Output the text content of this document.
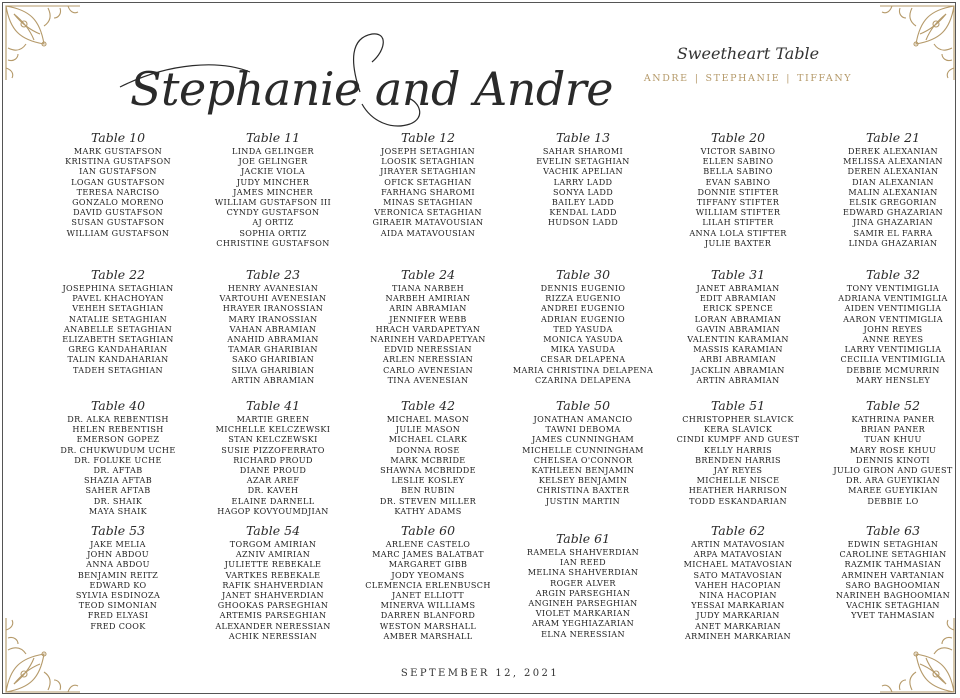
Stephanie and Andre
Sweetheart Table
ANDRE | STEPHANIE | TIFFANY
Table 10
MARK GUSTAFSON
KRISTINA GUSTAFSON
IAN GUSTAFSON
LOGAN GUSTAFSON
TERESA NARCISO
GONZALO MORENO
DAVID GUSTAFSON
SUSAN GUSTAFSON
WILLIAM GUSTAFSON
Table 11
LINDA GELINGER
JOE GELINGER
JACKIE VIOLA
JUDY MINCHER
JAMES MINCHER
WILLIAM GUSTAFSON III
CYNDY GUSTAFSON
AJ ORTIZ
SOPHIA ORTIZ
CHRISTINE GUSTAFSON
Table 12
JOSEPH SETAGHIAN
LOOSIK SETAGHIAN
JIRAYER SETAGHIAN
OFICK SETAGHIAN
FARHANG SHAROMI
MINAS SETAGHIAN
VERONICA SETAGHIAN
GIRAEIR MATAVOUSIAN
AIDA MATAVOUSIAN
Table 13
SAHAR SHAROMI
EVELIN SETAGHIAN
VACHIK APELIAN
LARRY LADD
SONYA LADD
BAILEY LADD
KENDAL LADD
HUDSON LADD
Table 20
VICTOR SABINO
ELLEN SABINO
BELLA SABINO
EVAN SABINO
DONNIE STIFTER
TIFFANY STIFTER
WILLIAM STIFTER
LILAH STIFTER
ANNA LOLA STIFTER
JULIE BAXTER
Table 21
DEREK ALEXANIAN
MELISSA ALEXANIAN
DEREN ALEXANIAN
DIAN ALEXANIAN
MALIN ALEXANIAN
ELSIK GREGORIAN
EDWARD GHAZARIAN
JINA GHAZARIAN
SAMIR EL FARRA
LINDA GHAZARIAN
Table 22
JOSEPHINA SETAGHIAN
PAVEL KHACHOYAN
VEHEH SETAGHIAN
NATALIE SETAGHIAN
ANABELLE SETAGHIAN
ELIZABETH SETAGHIAN
GREG KANDAHARIAN
TALIN KANDAHARIAN
TADEH SETAGHIAN
Table 23
HENRY AVANESIAN
VARTOUHI AVENESIAN
HRAYER IRANOSSIAN
MARY IRANOSSIAN
VAHAN ABRAMIAN
ANAHID ABRAMIAN
TAMAR GHARIBIAN
SAKO GHARIBIAN
SILVA GHARIBIAN
ARTIN ABRAMIAN
Table 24
TIANA NARBEH
NARBEH AMIRIAN
ARIN ABRAMIAN
JENNIFER WEBB
HRACH VARDAPETYAN
NARINEH VARDAPETYAN
EDVID NERESSIAN
ARLEN NERESSIAN
CARLO AVENESIAN
TINA AVENESIAN
Table 30
DENNIS EUGENIO
RIZZA EUGENIO
ANDREI EUGENIO
ADRIAN EUGENIO
TED YASUDA
MONICA YASUDA
MIKA YASUDA
CESAR DELAPENA
MARIA CHRISTINA DELAPENA
CZARINA DELAPENA
Table 31
JANET ABRAMIAN
EDIT ABRAMIAN
ERICK SPENCE
LORAN ABRAMIAN
GAVIN ABRAMIAN
VALENTIN KARAMIAN
MASSIS KARAMIAN
ARBI ABRAMIAN
JACKLIN ABRAMIAN
ARTIN ABRAMIAN
Table 32
TONY VENTIMIGLIA
ADRIANA VENTIMIGLIA
AIDEN VENTIMIGLIA
AARON VENTIMIGLIA
JOHN REYES
ANNE REYES
LARRY VENTIMIGLIA
CECILIA VENTIMIGLIA
DEBBIE MCMURRIN
MARY HENSLEY
Table 40
DR. ALKA REBENTISH
HELEN REBENTISH
EMERSON GOPEZ
DR. CHUKWUDUM UCHE
DR. FOLUKE UCHE
DR. AFTAB
SHAZIA AFTAB
SAHER AFTAB
DR. SHAIK
MAYA SHAIK
Table 41
MARTIE GREEN
MICHELLE KELCZEWSKI
STAN KELCZEWSKI
SUSIE PIZZOFERRATO
RICHARD PROUD
DIANE PROUD
AZAR AREF
DR. KAVEH
ELAINE DARNELL
HAGOP KOVYOUMDJIAN
Table 42
MICHAEL MASON
JULIE MASON
MICHAEL CLARK
DONNA ROSE
MARK MCBRIDE
SHAWNA MCBRIDDE
LESLIE KOSLEY
BEN RUBIN
DR. STEVEN MILLER
KATHY ADAMS
Table 50
JONATHAN AMANCIO
TAWNI DEBOMA
JAMES CUNNINGHAM
MICHELLE CUNNINGHAM
CHELSEA O'CONNOR
KATHLEEN BENJAMIN
KELSEY BENJAMIN
CHRISTINA BAXTER
JUSTIN MARTIN
Table 51
CHRISTOPHER SLAVICK
KERA SLAVICK
CINDI KUMPF AND GUEST
KELLY HARRIS
BRENDEN HARRIS
JAY REYES
MICHELLE NISCE
HEATHER HARRISON
TODD ESKANDARIAN
Table 52
KATHRINA PANER
BRIAN PANER
TUAN KHUU
MARY ROSE KHUU
DENNIS KINOTI
JULIO GIRON AND GUEST
DR. ARA GUEYIKIAN
MAREE GUEYIKIAN
DEBBIE LO
Table 53
JAKE MELIA
JOHN ABDOU
ANNA ABDOU
BENJAMIN REITZ
EDWARD KO
SYLVIA ESDINOZA
TEOD SIMONIAN
FRED ELYASI
FRED COOK
Table 54
TORGOM AMIRIAN
AZNIV AMIRIAN
JULIETTE REBEKALE
VARTKES REBEKALE
RAFIK SHAHVERDIAN
JANET SHAHVERDIAN
GHOOKAS PARSEGHIAN
ARTEMIS PARSEGHIAN
ALEXANDER NERESSIAN
ACHIK NERESSIAN
Table 60
ARLENE CASTELO
MARC JAMES BALATBAT
MARGARET GIBB
JODY YEOMANS
CLEMENCIA ERLENBUSCH
JANET ELLIOTT
MINERVA WILLIAMS
DARREN BLANFORD
WESTON MARSHALL
AMBER MARSHALL
Table 61
RAMELA SHAHVERDIAN
IAN REED
MELINA SHAHVERDIAN
ROGER ALVER
ARGIN PARSEGHIAN
ANGINEH PARSEGHIAN
VIOLET MARKARIAN
ARAM YEGHIAZARIAN
ELNA NERESSIAN
Table 62
ARTIN MATAVOSIAN
ARPA MATAVOSIAN
MICHAEL MATAVOSIAN
SATO MATAVOSIAN
VAHEH HACOPIAN
NINA HACOPIAN
YESSAI MARKARIAN
JUDY MARKARIAN
ANET MARKARIAN
ARMINEH MARKARIAN
Table 63
EDWIN SETAGHIAN
CAROLINE SETAGHIAN
RAZMIK TAHMASIAN
ARMINEH VARTANIAN
SARO BAGHOOMIAN
NARINEH BAGHOOMIAN
VACHIK SETAGHIAN
YVET TAHMASIAN
SEPTEMBER 12, 2021
